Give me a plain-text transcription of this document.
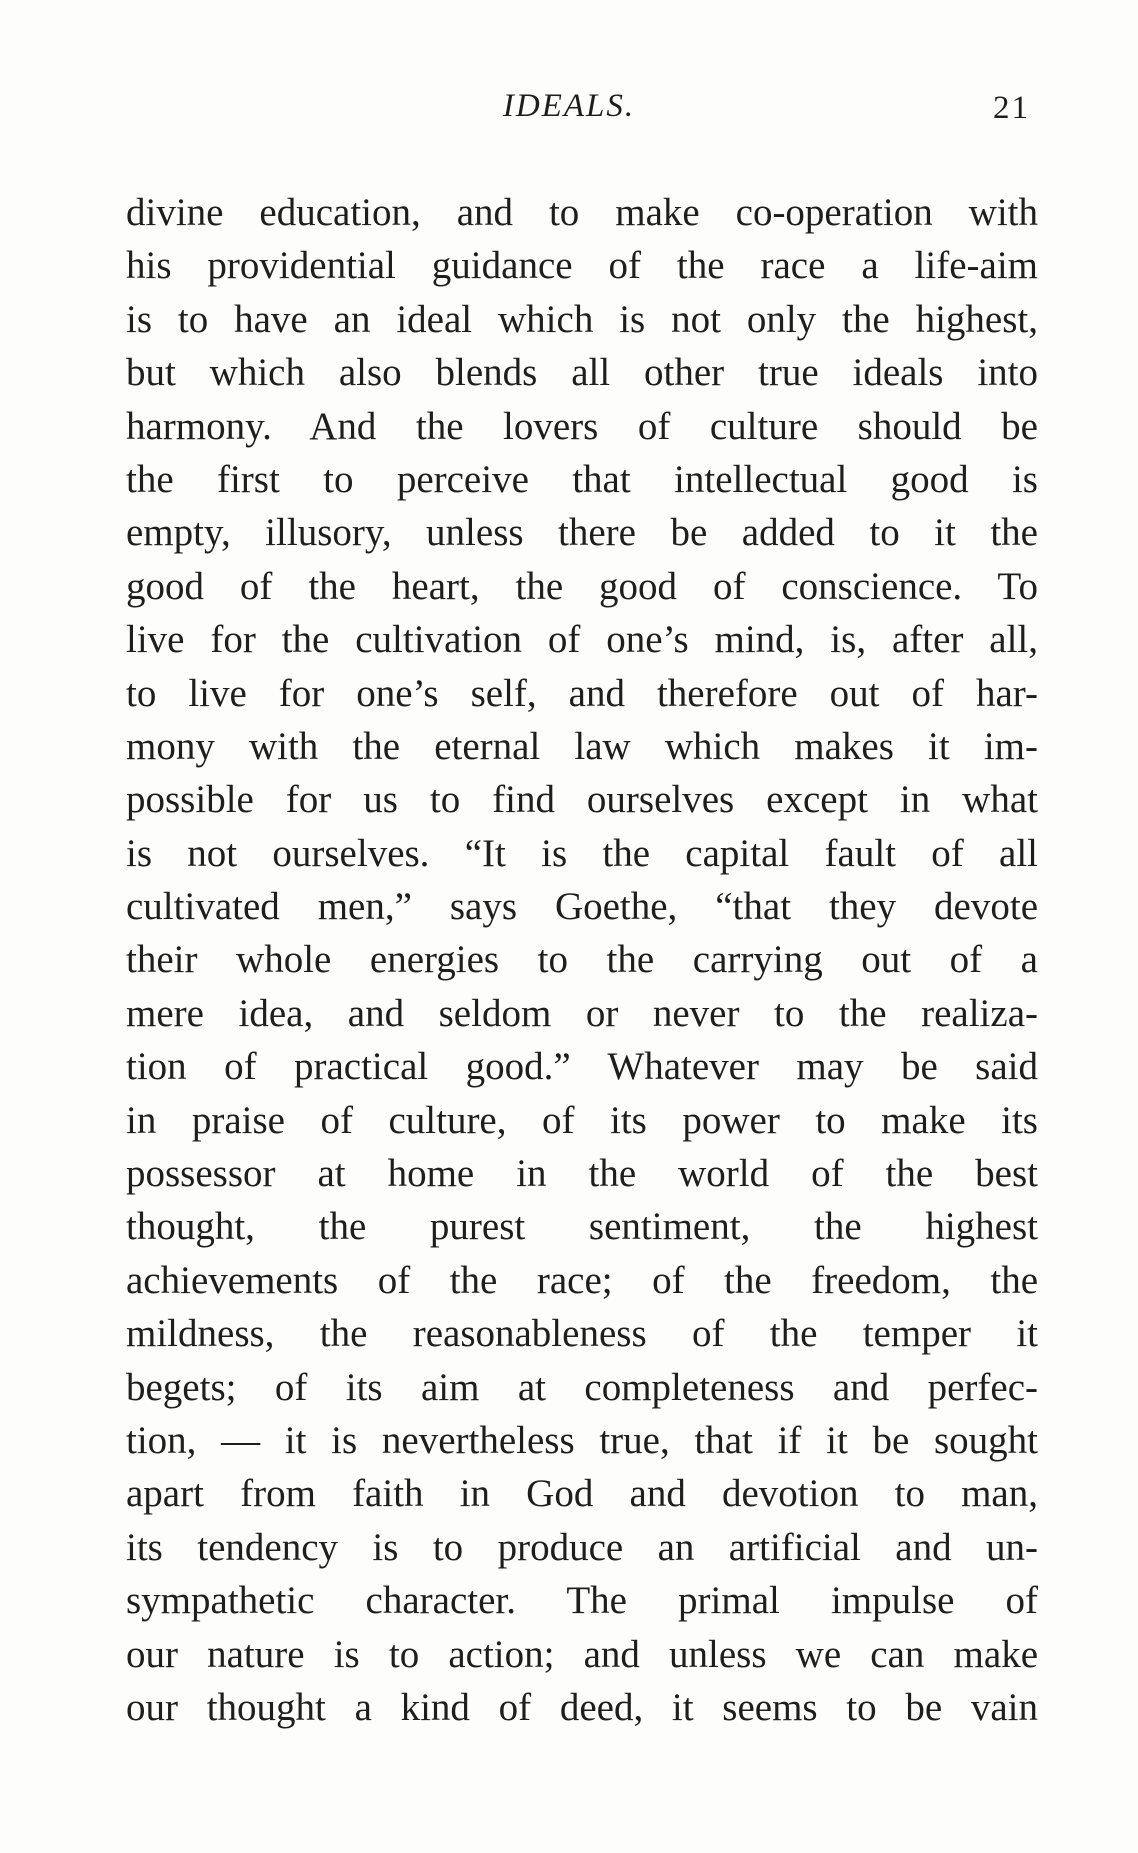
IDEALS.	21
divine education, and to make co-operation with
his providential guidance of the race a life-aim
is to have an ideal which is not only the highest,
but which also blends all other true ideals into
harmony. And the lovers of culture should be
the first to perceive that intellectual good is
empty, illusory, unless there be added to it the
good of the heart, the good of conscience. To
live for the cultivation of one’s mind, is, after all,
to live for one’s self, and therefore out of har-
mony with the eternal law which makes it im-
possible for us to find ourselves except in what
is not ourselves. “It is the capital fault of all
cultivated men,” says Goethe, “that they devote
their whole energies to the carrying out of a
mere idea, and seldom or never to the realiza-
tion of practical good.” Whatever may be said
in praise of culture, of its power to make its
possessor at home in the world of the best
thought, the purest sentiment, the highest
achievements of the race; of the freedom, the
mildness, the reasonableness of the temper it
begets; of its aim at completeness and perfec-
tion, — it is nevertheless true, that if it be sought
apart from faith in God and devotion to man,
its tendency is to produce an artificial and un-
sympathetic character. The primal impulse of
our nature is to action; and unless we can make
our thought a kind of deed, it seems to be vain
